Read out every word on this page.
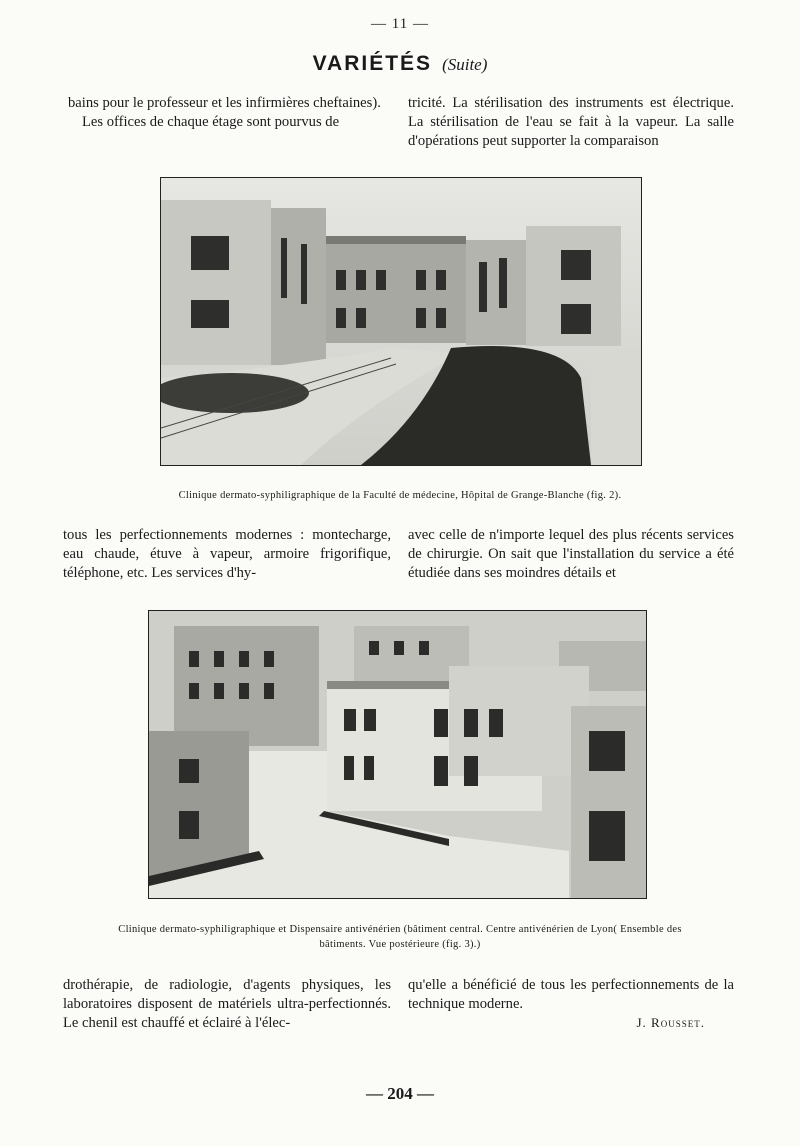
— 11 —
VARIÉTÉS (Suite)

bains pour le professeur et les infirmières cheftaines).

Les offices de chaque étage sont pourvus de

tricité. La stérilisation des instruments est électrique. La stérilisation de l'eau se fait à la vapeur. La salle d'opérations peut supporter la comparaison

Clinique dermato-syphiligraphique de la Faculté de médecine, Hôpital de Grange-Blanche (fig. 2).

tous les perfectionnements modernes : montecharge, eau chaude, étuve à vapeur, armoire frigorifique, téléphone, etc. Les services d'hy-

avec celle de n'importe lequel des plus récents services de chirurgie. On sait que l'installation du service a été étudiée dans ses moindres détails et

Clinique dermato-syphiligraphique et Dispensaire antivénérien (bâtiment central. Centre antivénérien de Lyon( Ensemble des bâtiments. Vue postérieure (fig. 3).)

drothérapie, de radiologie, d'agents physiques, les laboratoires disposent de matériels ultra-perfectionnés. Le chenil est chauffé et éclairé à l'élec-

qu'elle a bénéficié de tous les perfectionnements de la technique moderne.

J. Rousset.
— 204 —
